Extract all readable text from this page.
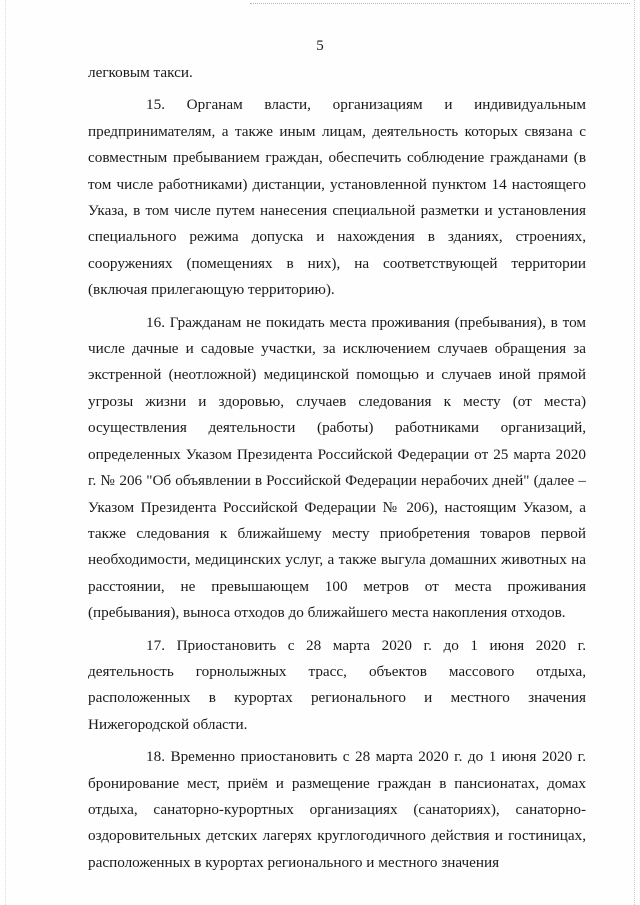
5

легковым такси.

15. Органам власти, организациям и индивидуальным предпринимателям, а также иным лицам, деятельность которых связана с совместным пребыванием граждан, обеспечить соблюдение гражданами (в том числе работниками) дистанции, установленной пунктом 14 настоящего Указа, в том числе путем нанесения специальной разметки и установления специального режима допуска и нахождения в зданиях, строениях, сооружениях (помещениях в них), на соответствующей территории (включая прилегающую территорию).

16. Гражданам не покидать места проживания (пребывания), в том числе дачные и садовые участки, за исключением случаев обращения за экстренной (неотложной) медицинской помощью и случаев иной прямой угрозы жизни и здоровью, случаев следования к месту (от места) осуществления деятельности (работы) работниками организаций, определенных Указом Президента Российской Федерации от 25 марта 2020 г. № 206 "Об объявлении в Российской Федерации нерабочих дней" (далее – Указом Президента Российской Федерации № 206), настоящим Указом, а также следования к ближайшему месту приобретения товаров первой необходимости, медицинских услуг, а также выгула домашних животных на расстоянии, не превышающем 100 метров от места проживания (пребывания), выноса отходов до ближайшего места накопления отходов.

17. Приостановить с 28 марта 2020 г. до 1 июня 2020 г. деятельность горнолыжных трасс, объектов массового отдыха, расположенных в курортах регионального и местного значения Нижегородской области.

18. Временно приостановить с 28 марта 2020 г. до 1 июня 2020 г. бронирование мест, приём и размещение граждан в пансионатах, домах отдыха, санаторно-курортных организациях (санаториях), санаторно-оздоровительных детских лагерях круглогодичного действия и гостиницах, расположенных в курортах регионального и местного значения
